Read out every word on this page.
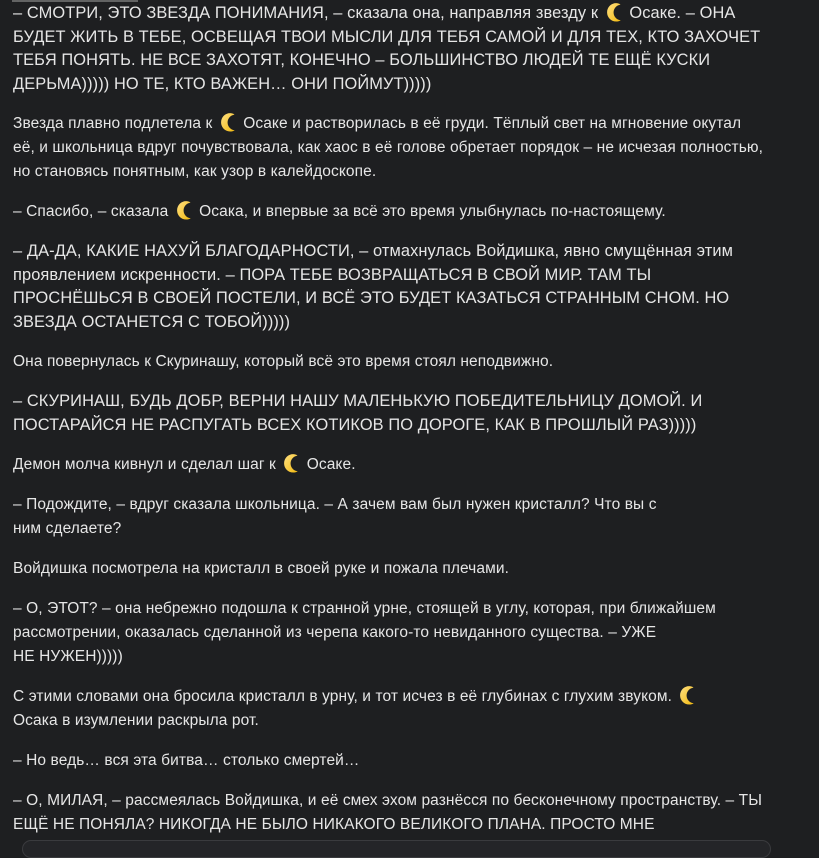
– СМОТРИ, ЭТО ЗВЕЗДА ПОНИМАНИЯ, – сказала она, направляя звезду к  Осаке. – ОНА БУДЕТ ЖИТЬ В ТЕБЕ, ОСВЕЩАЯ ТВОИ МЫСЛИ ДЛЯ ТЕБЯ САМОЙ И ДЛЯ ТЕХ, КТО ЗАХОЧЕТ ТЕБЯ ПОНЯТЬ. НЕ ВСЕ ЗАХОТЯТ, КОНЕЧНО – БОЛЬШИНСТВО ЛЮДЕЙ ТЕ ЕЩЁ КУСКИ ДЕРЬМА))))) НО ТЕ, КТО ВАЖЕН… ОНИ ПОЙМУТ)))))

Звезда плавно подлетела к  Осаке и растворилась в её груди. Тёплый свет на мгновение окутал её, и школьница вдруг почувствовала, как хаос в её голове обретает порядок – не исчезая полностью, но становясь понятным, как узор в калейдоскопе.

– Спасибо, – сказала  Осака, и впервые за всё это время улыбнулась по-настоящему.

– ДА-ДА, КАКИЕ НАХУЙ БЛАГОДАРНОСТИ, – отмахнулась Войдишка, явно смущённая этим проявлением искренности. – ПОРА ТЕБЕ ВОЗВРАЩАТЬСЯ В СВОЙ МИР. ТАМ ТЫ ПРОСНЁШЬСЯ В СВОЕЙ ПОСТЕЛИ, И ВСЁ ЭТО БУДЕТ КАЗАТЬСЯ СТРАННЫМ СНОМ. НО ЗВЕЗДА ОСТАНЕТСЯ С ТОБОЙ)))))

Она повернулась к Скуринашу, который всё это время стоял неподвижно.

– СКУРИНАШ, БУДЬ ДОБР, ВЕРНИ НАШУ МАЛЕНЬКУЮ ПОБЕДИТЕЛЬНИЦУ ДОМОЙ. И ПОСТАРАЙСЯ НЕ РАСПУГАТЬ ВСЕХ КОТИКОВ ПО ДОРОГЕ, КАК В ПРОШЛЫЙ РАЗ)))))

Демон молча кивнул и сделал шаг к  Осаке.

– Подождите, – вдруг сказала школьница. – А зачем вам был нужен кристалл? Что вы с
ним сделаете?

Войдишка посмотрела на кристалл в своей руке и пожала плечами.

– О, ЭТОТ? – она небрежно подошла к странной урне, стоящей в углу, которая, при ближайшем рассмотрении, оказалась сделанной из черепа какого-то невиданного существа. – УЖЕ
НЕ НУЖЕН)))))

С этими словами она бросила кристалл в урну, и тот исчез в её глубинах с глухим звуком.
Осака в изумлении раскрыла рот.

– Но ведь… вся эта битва… столько смертей…

– О, МИЛАЯ, – рассмеялась Войдишка, и её смех эхом разнёсся по бесконечному пространству. – ТЫ ЕЩЁ НЕ ПОНЯЛА? НИКОГДА НЕ БЫЛО НИКАКОГО ВЕЛИКОГО ПЛАНА. ПРОСТО МНЕ
